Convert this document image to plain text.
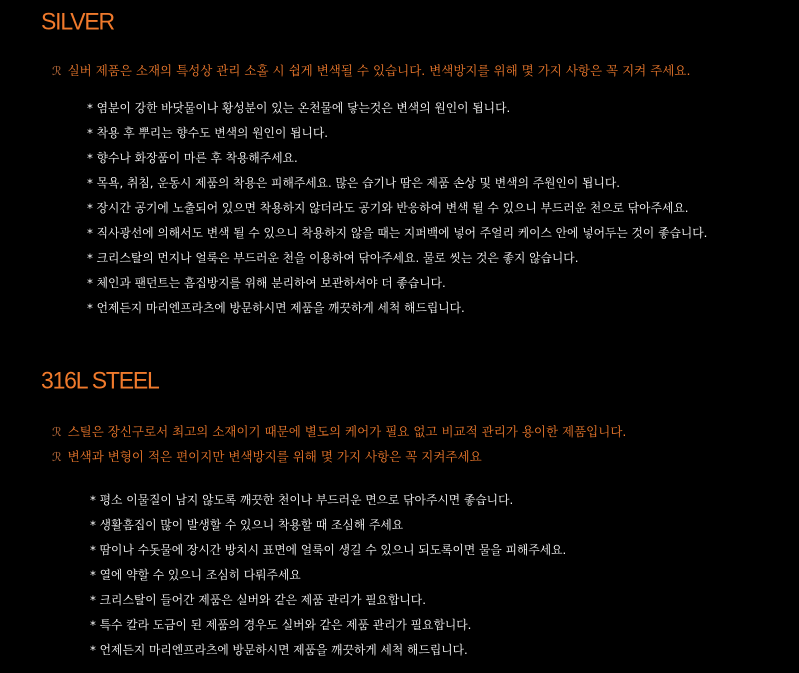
SILVER
ℛ 실버 제품은 소재의 특성상 관리 소홀 시 쉽게 변색될 수 있습니다. 변색방지를 위해 몇 가지 사항은 꼭 지켜 주세요.
* 염분이 강한 바닷물이나 황성분이 있는 온천물에 닿는것은 변색의 원인이 됩니다.
* 착용 후 뿌리는 향수도 변색의 원인이 됩니다.
* 향수나 화장품이 마른 후 착용해주세요.
* 목욕, 취침, 운동시 제품의 착용은 피해주세요. 많은 습기나 땀은 제품 손상 및 변색의 주원인이 됩니다.
* 장시간 공기에 노출되어 있으면 착용하지 않더라도 공기와 반응하여 변색 될 수 있으니 부드러운 천으로 닦아주세요.
* 직사광선에 의해서도 변색 될 수 있으니 착용하지 않을 때는 지퍼백에 넣어 주얼리 케이스 안에 넣어두는 것이 좋습니다.
* 크리스탈의 먼지나 얼룩은 부드러운 천을 이용하여 닦아주세요. 물로 씻는 것은 좋지 않습니다.
* 체인과 팬던트는 흠집방지를 위해 분리하여 보관하셔야 더 좋습니다.
* 언제든지 마리엔프라츠에 방문하시면 제품을 깨끗하게 세척 해드립니다.
316L STEEL
ℛ 스틸은 장신구로서 최고의 소재이기 때문에 별도의 케어가 필요 없고 비교적 관리가 용이한 제품입니다.
ℛ 변색과 변형이 적은 편이지만 변색방지를 위해 몇 가지 사항은 꼭 지켜주세요
* 평소 이물질이 남지 않도록 깨끗한 천이나 부드러운 면으로 닦아주시면 좋습니다.
* 생활흠집이 많이 발생할 수 있으니 착용할 때 조심해 주세요
* 땀이나 수돗물에 장시간 방치시 표면에 얼룩이 생길 수 있으니 되도록이면 물을 피해주세요.
* 열에 약할 수 있으니 조심히 다뤄주세요
* 크리스탈이 들어간 제품은 실버와 같은 제품 관리가 필요합니다.
* 특수 칼라 도금이 된 제품의 경우도 실버와 같은 제품 관리가 필요합니다.
* 언제든지 마리엔프라츠에 방문하시면 제품을 깨끗하게 세척 해드립니다.
